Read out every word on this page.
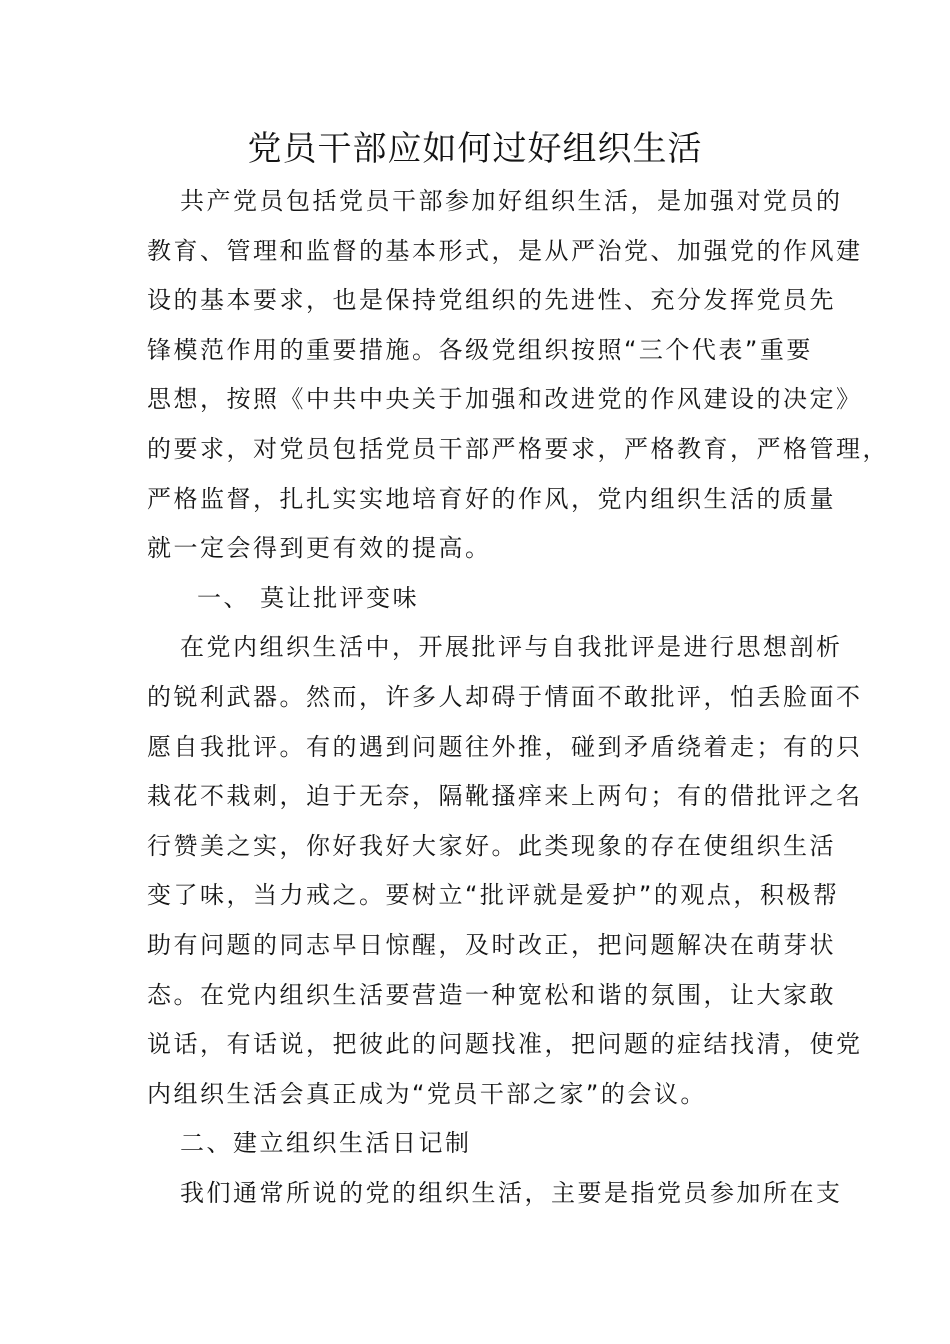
党员干部应如何过好组织生活
共产党员包括党员干部参加好组织生活，是加强对党员的
教育、管理和监督的基本形式，是从严治党、加强党的作风建
设的基本要求，也是保持党组织的先进性、充分发挥党员先
锋模范作用的重要措施。各级党组织按照“三个代表”重要
思想，按照《中共中央关于加强和改进党的作风建设的决定》
的要求，对党员包括党员干部严格要求，严格教育，严格管理，
严格监督，扎扎实实地培育好的作风，党内组织生活的质量
就一定会得到更有效的提高。
一、 莫让批评变味
在党内组织生活中，开展批评与自我批评是进行思想剖析
的锐利武器。然而，许多人却碍于情面不敢批评，怕丢脸面不
愿自我批评。有的遇到问题往外推，碰到矛盾绕着走；有的只
栽花不栽刺，迫于无奈，隔靴搔痒来上两句；有的借批评之名
行赞美之实，你好我好大家好。此类现象的存在使组织生活
变了味，当力戒之。要树立“批评就是爱护”的观点，积极帮
助有问题的同志早日惊醒，及时改正，把问题解决在萌芽状
态。在党内组织生活要营造一种宽松和谐的氛围，让大家敢
说话，有话说，把彼此的问题找准，把问题的症结找清，使党
内组织生活会真正成为“党员干部之家”的会议。
二、建立组织生活日记制
我们通常所说的党的组织生活，主要是指党员参加所在支
